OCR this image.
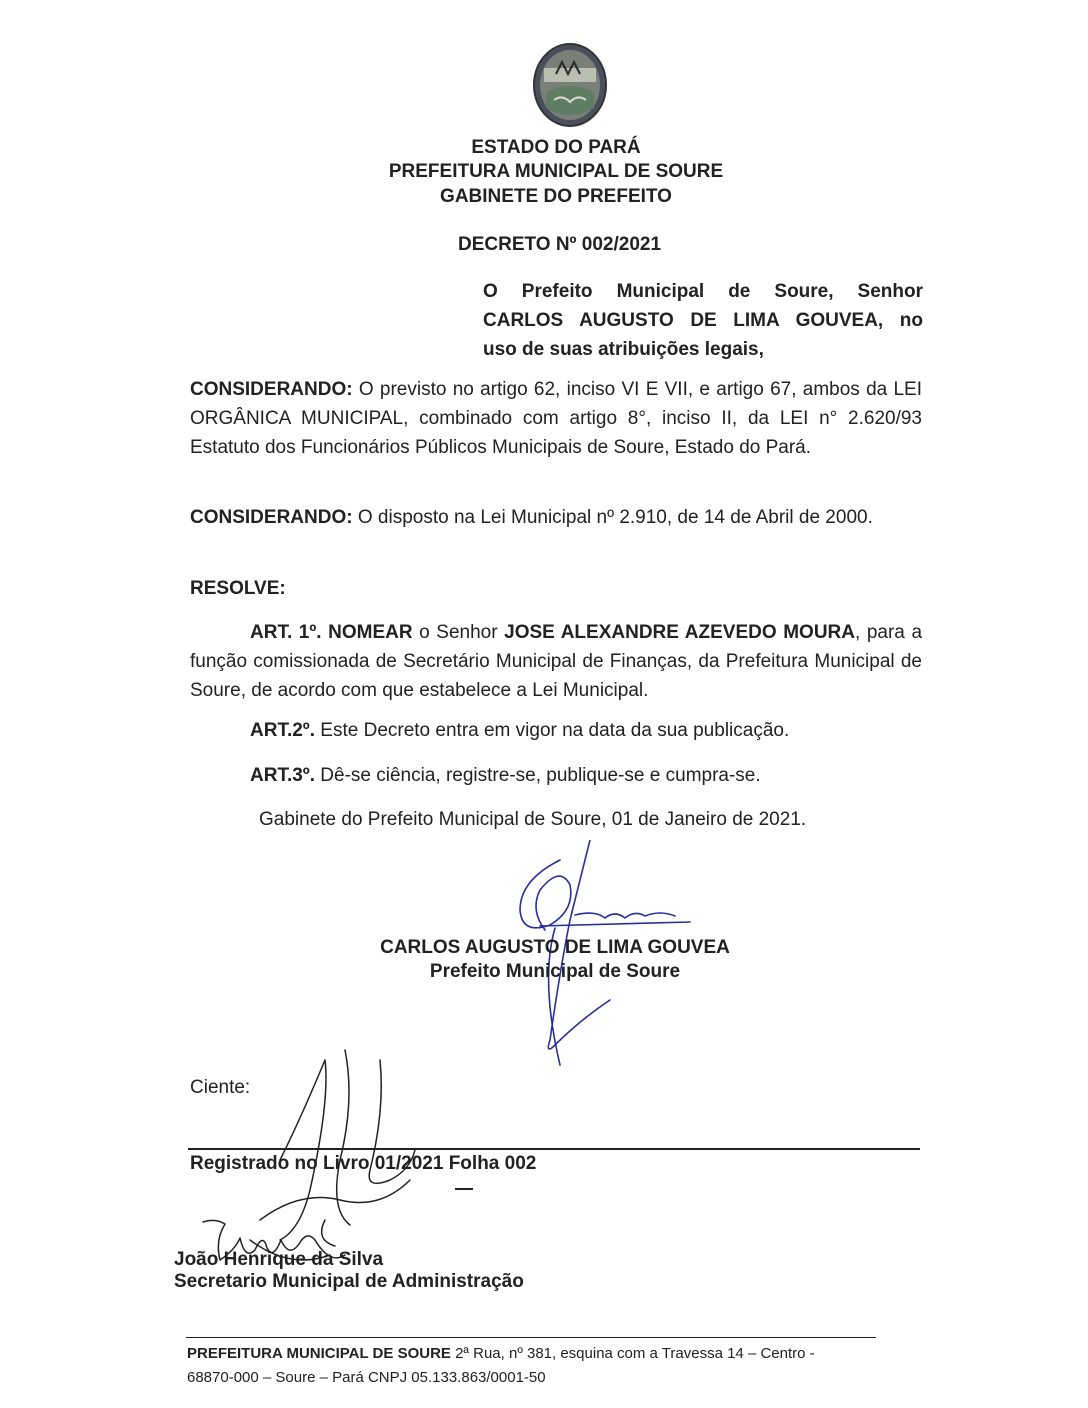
ESTADO DO PARÁ
PREFEITURA MUNICIPAL DE SOURE
GABINETE DO PREFEITO
DECRETO Nº 002/2021
O Prefeito Municipal de Soure, Senhor
CARLOS AUGUSTO DE LIMA GOUVEA, no
uso de suas atribuições legais,
CONSIDERANDO: O previsto no artigo 62, inciso VI E VII, e artigo 67, ambos da LEI ORGÂNICA MUNICIPAL, combinado com artigo 8°, inciso II, da LEI n° 2.620/93 Estatuto dos Funcionários Públicos Municipais de Soure, Estado do Pará.
CONSIDERANDO: O disposto na Lei Municipal nº 2.910, de 14 de Abril de 2000.
RESOLVE:
ART. 1º. NOMEAR o Senhor JOSE ALEXANDRE AZEVEDO MOURA, para a função comissionada de Secretário Municipal de Finanças, da Prefeitura Municipal de Soure, de acordo com que estabelece a Lei Municipal.
ART.2º. Este Decreto entra em vigor na data da sua publicação.
ART.3º. Dê-se ciência, registre-se, publique-se e cumpra-se.
Gabinete do Prefeito Municipal de Soure, 01 de Janeiro de 2021.
CARLOS AUGUSTO DE LIMA GOUVEA
Prefeito Municipal de Soure
Ciente:
Registrado no Livro 01/2021 Folha 002
João Henrique da Silva
Secretario Municipal de Administração
PREFEITURA MUNICIPAL DE SOURE 2ª Rua, nº 381, esquina com a Travessa 14 – Centro -
68870-000 – Soure – Pará CNPJ 05.133.863/0001-50
